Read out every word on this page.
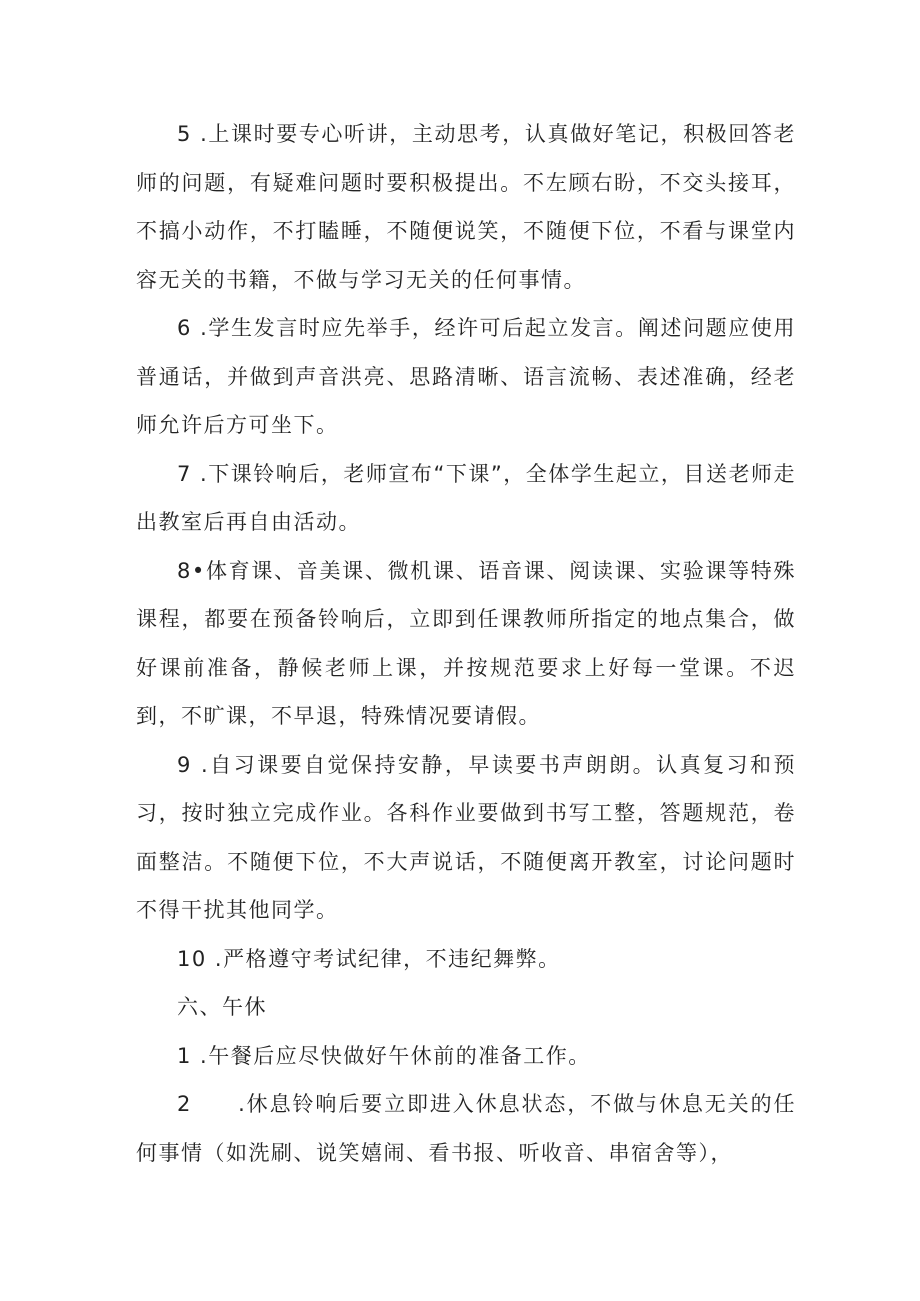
5 .上课时要专心听讲，主动思考，认真做好笔记，积极回答老师的问题，有疑难问题时要积极提出。不左顾右盼，不交头接耳，不搞小动作，不打瞌睡，不随便说笑，不随便下位，不看与课堂内容无关的书籍，不做与学习无关的任何事情。

6 .学生发言时应先举手，经许可后起立发言。阐述问题应使用普通话，并做到声音洪亮、思路清晰、语言流畅、表述准确，经老师允许后方可坐下。

7 .下课铃响后，老师宣布“下课”，全体学生起立，目送老师走出教室后再自由活动。

8•体育课、音美课、微机课、语音课、阅读课、实验课等特殊课程，都要在预备铃响后，立即到任课教师所指定的地点集合，做好课前准备，静候老师上课，并按规范要求上好每一堂课。不迟到，不旷课，不早退，特殊情况要请假。

9 .自习课要自觉保持安静，早读要书声朗朗。认真复习和预习，按时独立完成作业。各科作业要做到书写工整，答题规范，卷面整洁。不随便下位，不大声说话，不随便离开教室，讨论问题时不得干扰其他同学。

10 .严格遵守考试纪律，不违纪舞弊。

六、午休

1 .午餐后应尽快做好午休前的准备工作。

2　　.休息铃响后要立即进入休息状态，不做与休息无关的任何事情（如洗刷、说笑嬉闹、看书报、听收音、串宿舍等），
